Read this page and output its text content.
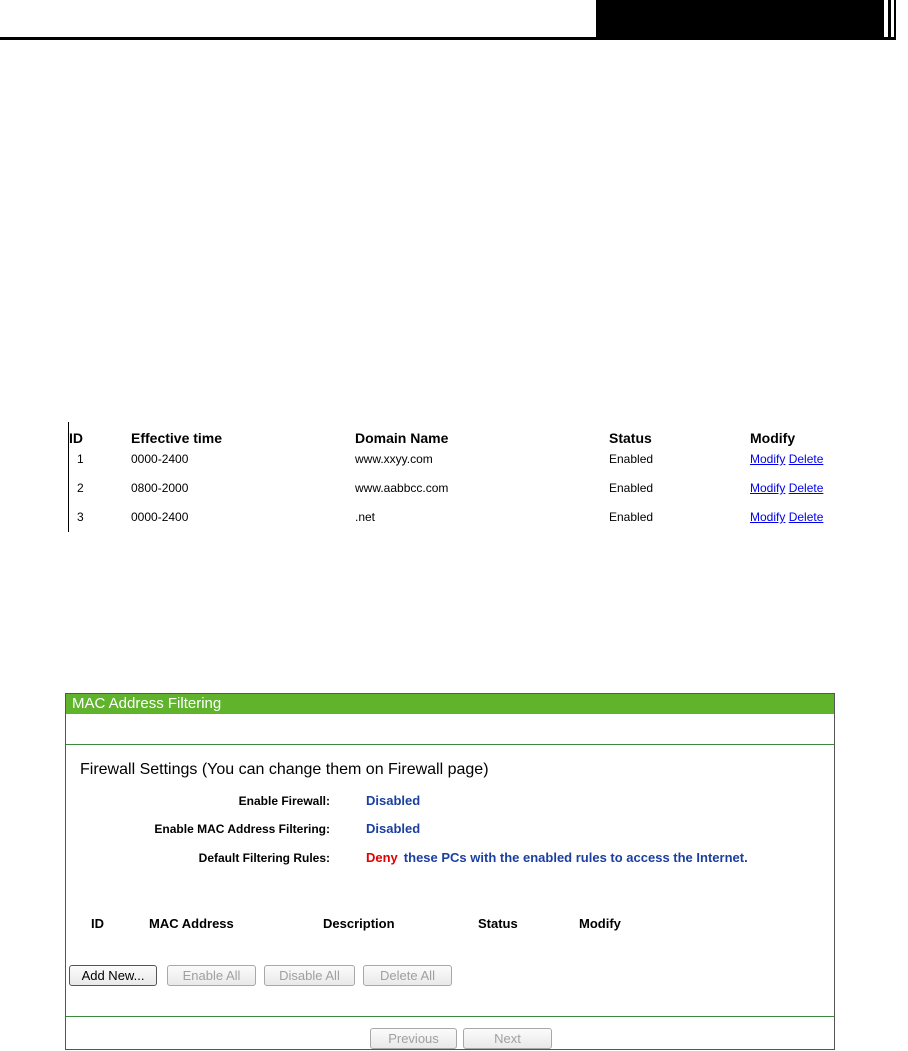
ID	Effective time	Domain Name	Status	Modify
1	0000-2400	www.xxyy.com	Enabled	Modify Delete
2	0800-2000	www.aabbcc.com	Enabled	Modify Delete
3	0000-2400	.net	Enabled	Modify Delete
MAC Address Filtering
Firewall Settings (You can change them on Firewall page)
Enable Firewall:	Disabled
Enable MAC Address Filtering:	Disabled
Default Filtering Rules:	Deny these PCs with the enabled rules to access the Internet.
ID	MAC Address	Description	Status	Modify
Add New...	Enable All	Disable All	Delete All
Previous	Next
